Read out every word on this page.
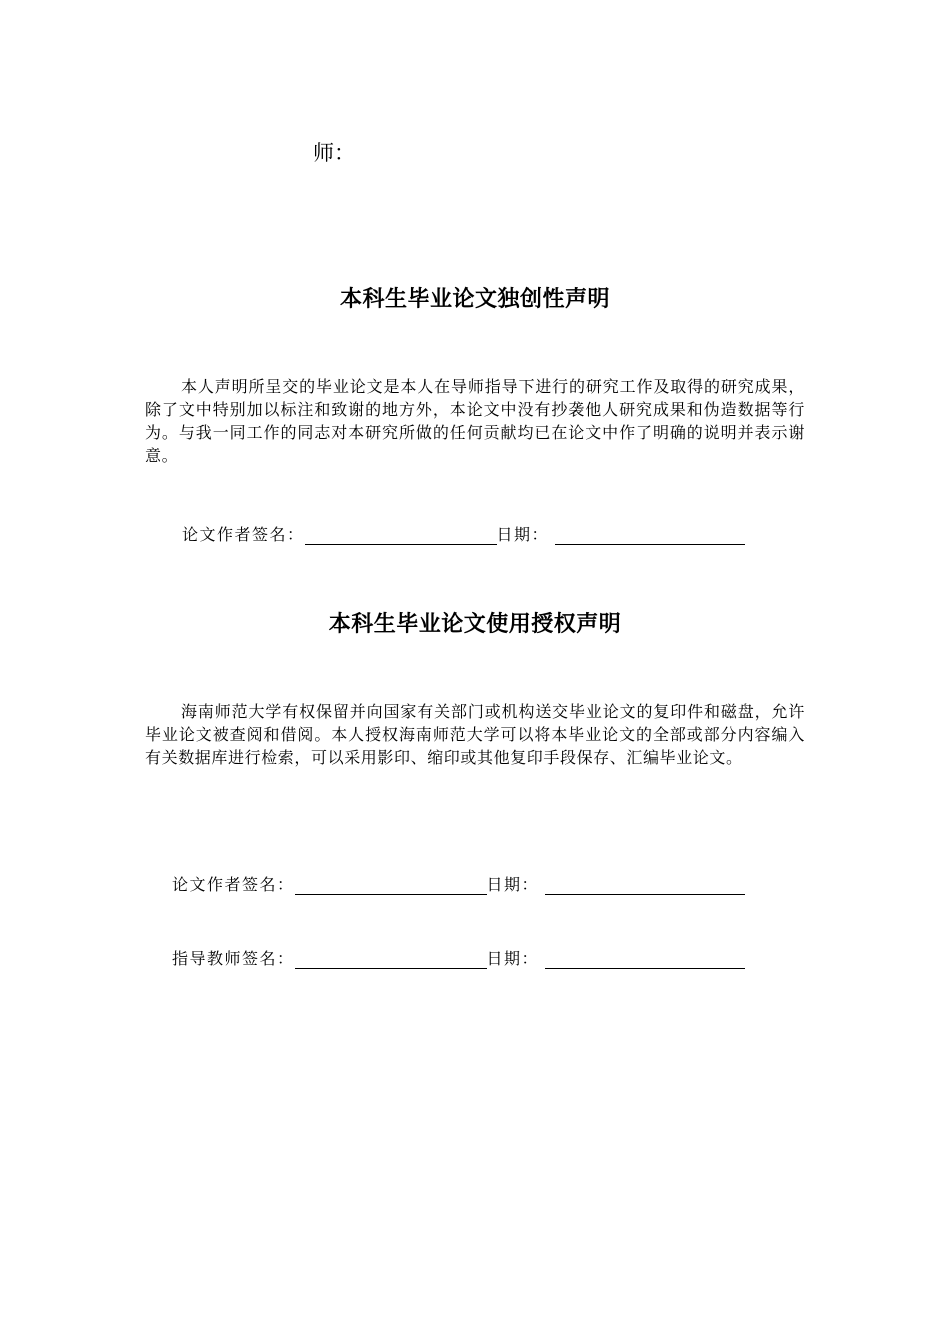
师：
本科生毕业论文独创性声明
本人声明所呈交的毕业论文是本人在导师指导下进行的研究工作及取得的研究成果，除了文中特别加以标注和致谢的地方外，本论文中没有抄袭他人研究成果和伪造数据等行为。与我一同工作的同志对本研究所做的任何贡献均已在论文中作了明确的说明并表示谢意。
论文作者签名：	日期：
本科生毕业论文使用授权声明
海南师范大学有权保留并向国家有关部门或机构送交毕业论文的复印件和磁盘，允许毕业论文被查阅和借阅。本人授权海南师范大学可以将本毕业论文的全部或部分内容编入有关数据库进行检索，可以采用影印、缩印或其他复印手段保存、汇编毕业论文。
论文作者签名：	日期：
指导教师签名：	日期：
